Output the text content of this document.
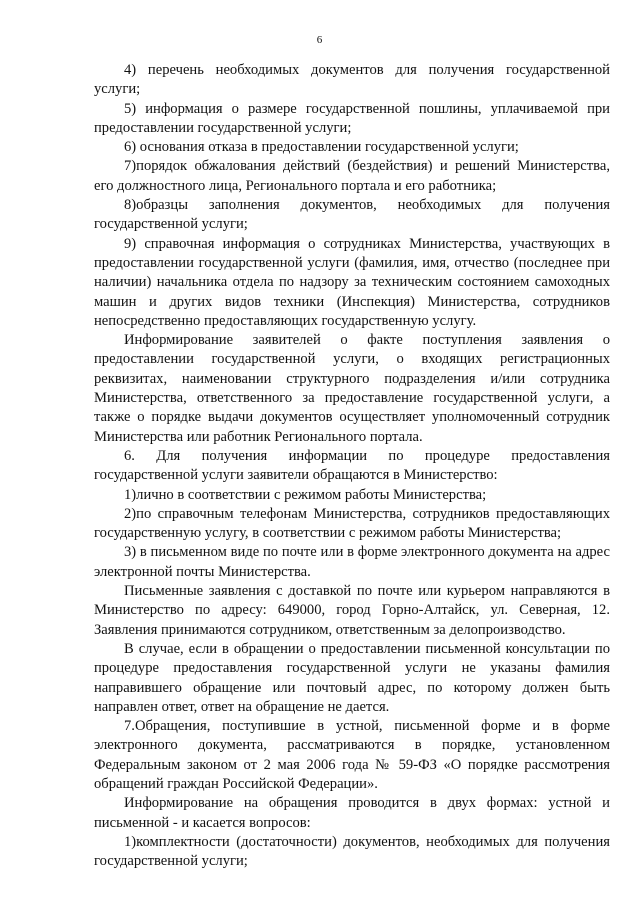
6

4) перечень необходимых документов для получения государственной услуги;

5) информация о размере государственной пошлины, уплачиваемой при предоставлении государственной услуги;

6) основания отказа в предоставлении государственной услуги;

7)порядок обжалования действий (бездействия) и решений Министерства, его должностного лица, Регионального портала и его работника;

8)образцы заполнения документов, необходимых для получения государственной услуги;

9) справочная информация о сотрудниках Министерства, участвующих в предоставлении государственной услуги (фамилия, имя, отчество (последнее при наличии) начальника отдела по надзору за техническим состоянием самоходных машин и других видов техники (Инспекция) Министерства, сотрудников непосредственно предоставляющих государственную услугу.

Информирование заявителей о факте поступления заявления о предоставлении государственной услуги, о входящих регистрационных реквизитах, наименовании структурного подразделения и/или сотрудника Министерства, ответственного за предоставление государственной услуги, а также о порядке выдачи документов осуществляет уполномоченный сотрудник Министерства или работник Регионального портала.

6. Для получения информации по процедуре предоставления государственной услуги заявители обращаются в Министерство:

1)лично в соответствии с режимом работы Министерства;

2)по справочным телефонам Министерства, сотрудников предоставляющих государственную услугу, в соответствии с режимом работы Министерства;

3) в письменном виде по почте или в форме электронного документа на адрес электронной почты Министерства.

Письменные заявления с доставкой по почте или курьером направляются в Министерство по адресу: 649000, город Горно-Алтайск, ул. Северная, 12. Заявления принимаются сотрудником, ответственным за делопроизводство.

В случае, если в обращении о предоставлении письменной консультации по процедуре предоставления государственной услуги не указаны фамилия направившего обращение или почтовый адрес, по которому должен быть направлен ответ, ответ на обращение не дается.

7.Обращения, поступившие в устной, письменной форме и в форме электронного документа, рассматриваются в порядке, установленном Федеральным законом от 2 мая 2006 года № 59-ФЗ «О порядке рассмотрения обращений граждан Российской Федерации».

Информирование на обращения проводится в двух формах: устной и письменной - и касается вопросов:

1)комплектности (достаточности) документов, необходимых для получения государственной услуги;
